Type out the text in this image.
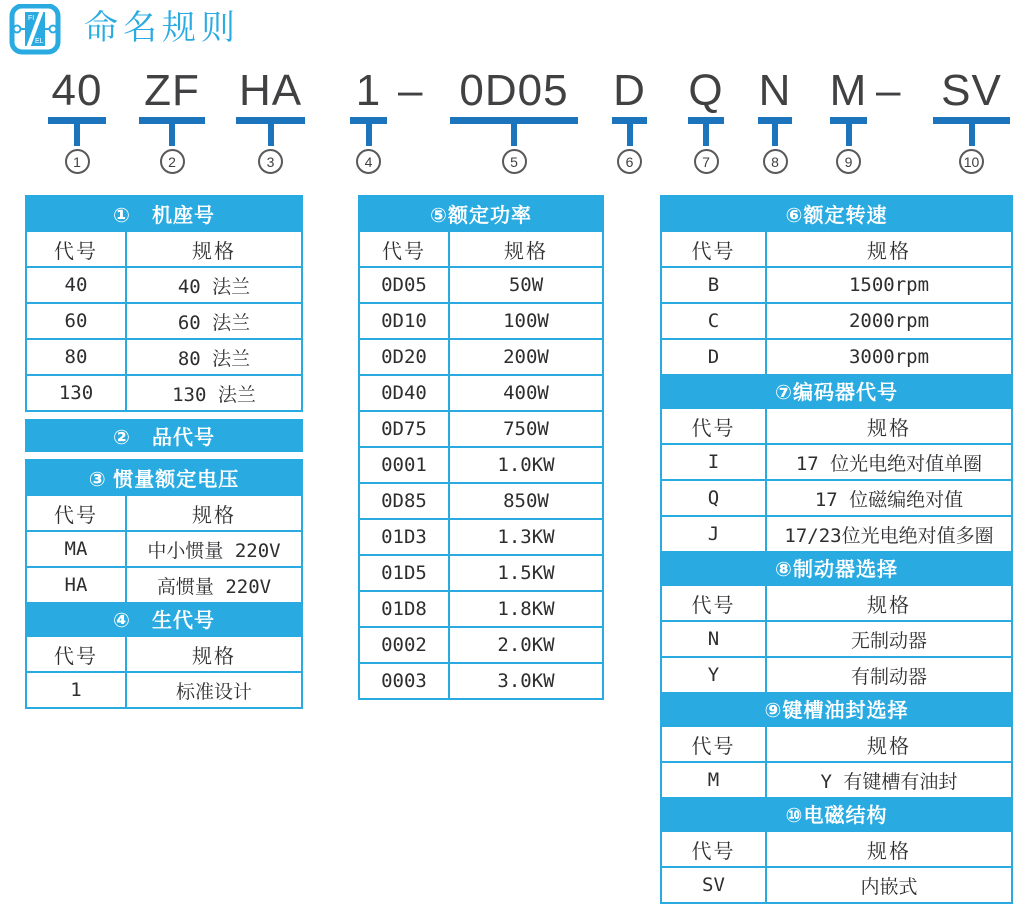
FI
EL 命名规则
40
1
ZF
2
HA
3
1
4
0D05
5
D
6
Q
7
N
8
M
9
SV
10
–	–
①　机座号
代号	规格
40	40 法兰
60	60 法兰
80	80 法兰
130	130 法兰
②　品代号
③ 惯量额定电压
代号	规格
MA	中小惯量 220V
HA	高惯量 220V
④　生代号
代号	规格
1	标准设计
⑤额定功率
代号	规格
0D05	50W
0D10	100W
0D20	200W
0D40	400W
0D75	750W
0001	1.0KW
0D85	850W
01D3	1.3KW
01D5	1.5KW
01D8	1.8KW
0002	2.0KW
0003	3.0KW
⑥额定转速
代号	规格
B	1500rpm
C	2000rpm
D	3000rpm
⑦编码器代号
代号	规格
I	17 位光电绝对值单圈
Q	17 位磁编绝对值
J	17/23位光电绝对值多圈
⑧制动器选择
代号	规格
N	无制动器
Y	有制动器
⑨键槽油封选择
代号	规格
M	Y 有键槽有油封
⑩电磁结构
代号	规格
SV	内嵌式
